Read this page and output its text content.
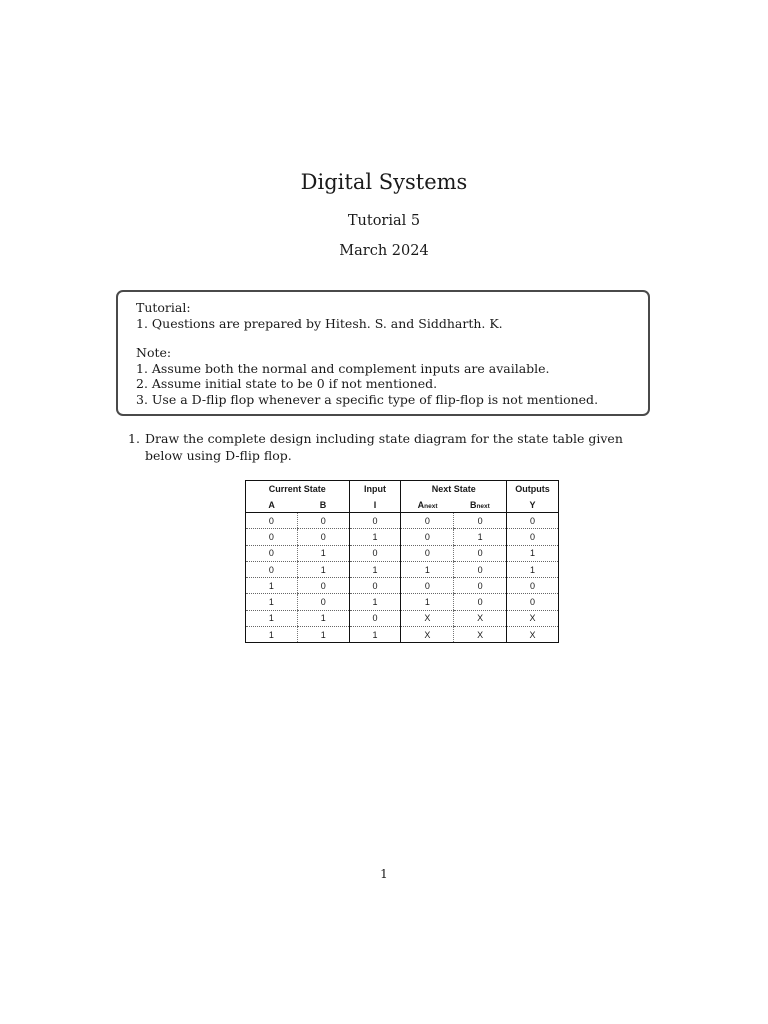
Digital Systems
Tutorial 5
March 2024
Tutorial:
1. Questions are prepared by Hitesh. S. and Siddharth. K.
Note:
1. Assume both the normal and complement inputs are available.
2. Assume initial state to be 0 if not mentioned.
3. Use a D-flip flop whenever a specific type of flip-flop is not mentioned.
1. Draw the complete design including state diagram for the state table given below using D-flip flop.
Current State		Input	Next State		Outputs
A	B	I	Anext	Bnext	Y
0	0	0	0	0	0
0	0	1	0	1	0
0	1	0	0	0	1
0	1	1	1	0	1
1	0	0	0	0	0
1	0	1	1	0	0
1	1	0	X	X	X
1	1	1	X	X	X
1
